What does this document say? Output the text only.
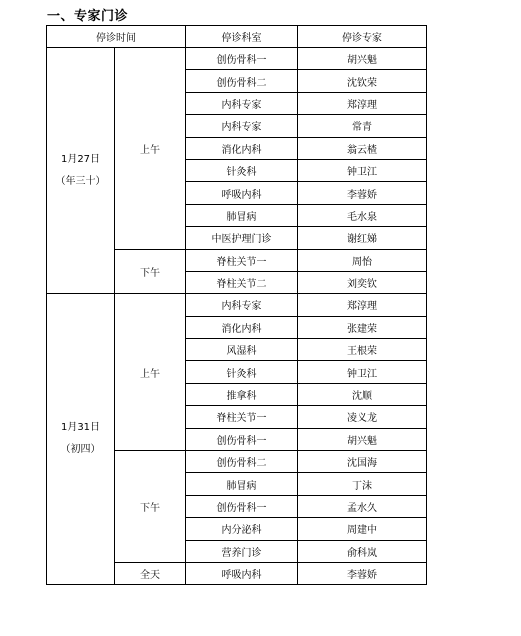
一、专家门诊
停诊时间		停诊科室	停诊专家

1月27日
（年三十）	上午	创伤骨科一	胡兴魁
		创伤骨科二	沈钦荣
		内科专家	郑淳理
		内科专家	常青
		消化内科	翁云楂
		针灸科	钟卫江
		呼吸内科	李蓉娇
		肺冒病	毛水泉
		中医护理门诊	谢红娣
	下午	脊柱关节一	周怡
		脊柱关节二	刘奕钦

1月31日
（初四）	上午	内科专家	郑淳理
		消化内科	张建荣
		风湿科	王根荣
		针灸科	钟卫江
		推拿科	沈顺
		脊柱关节一	凌义龙
		创伤骨科一	胡兴魁
	下午	创伤骨科二	沈国海
		肺冒病	丁沫
		创伤骨科一	孟水久
		内分泌科	周建中
		营养门诊	俞科岚
	全天	呼吸内科	李蓉娇
